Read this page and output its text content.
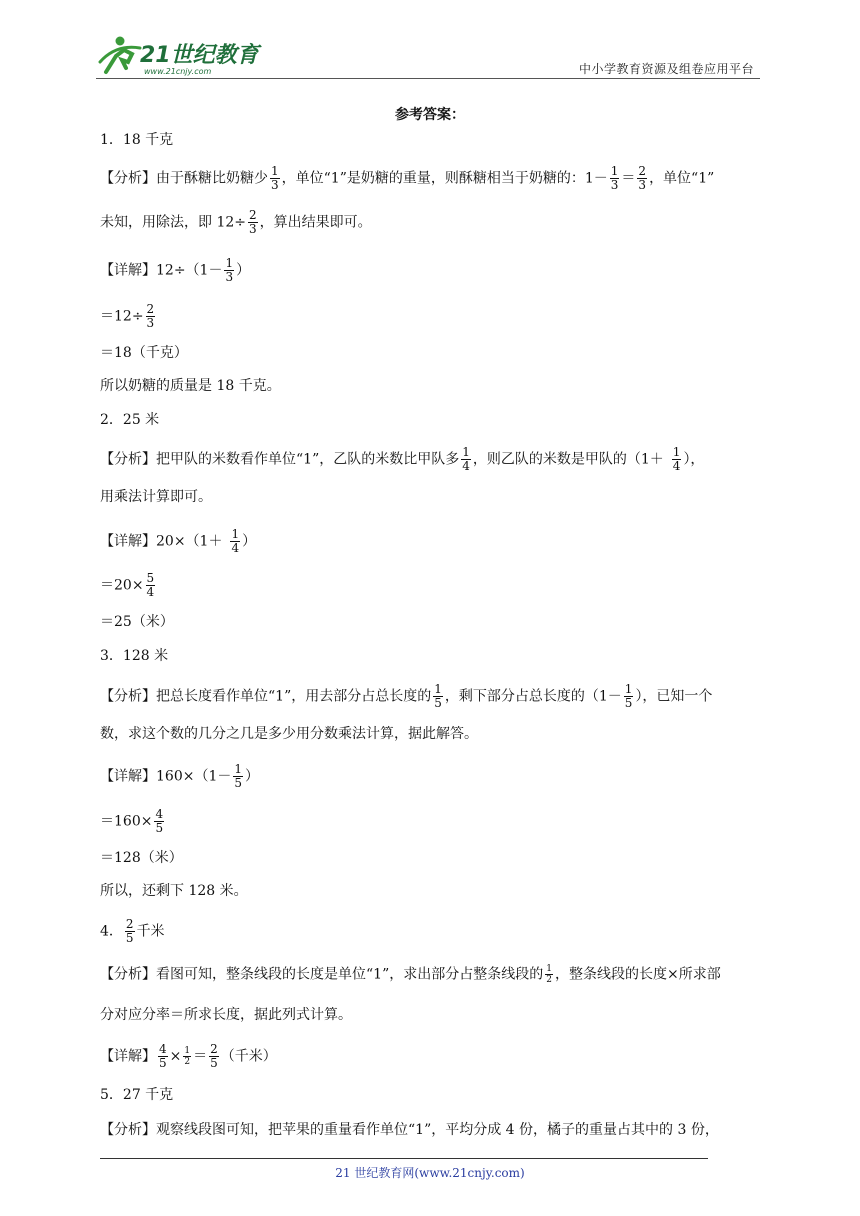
21世纪教育
www.21cnjy.com	中小学教育资源及组卷应用平台
参考答案：
1．18 千克
【分析】由于酥糖比奶糖少 $\frac{1}{3}$ ，单位“1”是奶糖的重量，则酥糖相当于奶糖的：$1- \frac{1}{3} = \frac{2}{3}$ ，单位“1”
未知，用除法，即 $12\div \frac{2}{3}$ ，算出结果即可。
【详解】$12\div(1- \frac{1}{3}$ ）
$=12\div \frac{2}{3}$
＝18（千克）
所以奶糖的质量是 18 千克。
2．25 米
【分析】把甲队的米数看作单位“1”，乙队的米数比甲队多 $\frac{1}{4}$ ，则乙队的米数是甲队的（$1+ \frac{1}{4}$ ），
用乘法计算即可。
【详解】$20\times(1+ \frac{1}{4}$ ）
$=20\times \frac{5}{4}$
＝25（米）
3．128 米
【分析】把总长度看作单位“1”，用去部分占总长度的 $\frac{1}{5}$ ，剩下部分占总长度的（$1- \frac{1}{5}$ ），已知一个
数，求这个数的几分之几是多少用分数乘法计算，据此解答。
【详解】$160\times(1- \frac{1}{5}$ ）
$=160\times \frac{4}{5}$
＝128（米）
所以，还剩下 128 米。
4． $\frac{2}{5}$ 千米
【分析】看图可知，整条线段的长度是单位“1”，求出部分占整条线段的 $\frac{1}{2}$ ，整条线段的长度×所求部
分对应分率＝所求长度，据此列式计算。
【详解】 $\frac{4}{5} \times \frac{1}{2} = \frac{2}{5}$ （千米）
5．27 千克
【分析】观察线段图可知，把苹果的重量看作单位“1”，平均分成 4 份，橘子的重量占其中的 3 份，
21 世纪教育网(www.21cnjy.com)
